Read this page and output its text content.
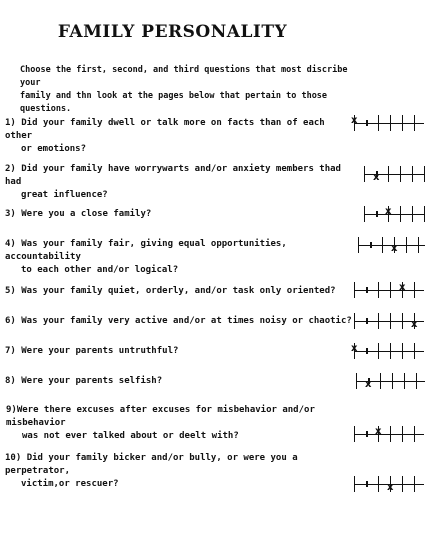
FAMILY PERSONALITY
Choose the first, second, and third questions that most discribe your
family and thn look at the pages below that pertain to those questions.
1) Did your family dwell or talk more on facts than of each other
or emotions?
x
2) Did your family have worrywarts and/or anxiety members thad had
great influence?
x
3) Were you a close family?	x
4) Was your family fair, giving equal opportunities, accountability
to each other and/or logical?
x
5) Was your family quiet, orderly, and/or task only oriented?	x
6) Was your family very active and/or at times noisy or chaotic?	x
7) Were your parents untruthful?	x
8) Were your parents selfish?	x
9)Were there excuses after excuses for misbehavior and/or misbehavior
was not ever talked about or deelt with?	x
10) Did your family bicker and/or bully, or were you a perpetrator,
victim,or rescuer?	x
